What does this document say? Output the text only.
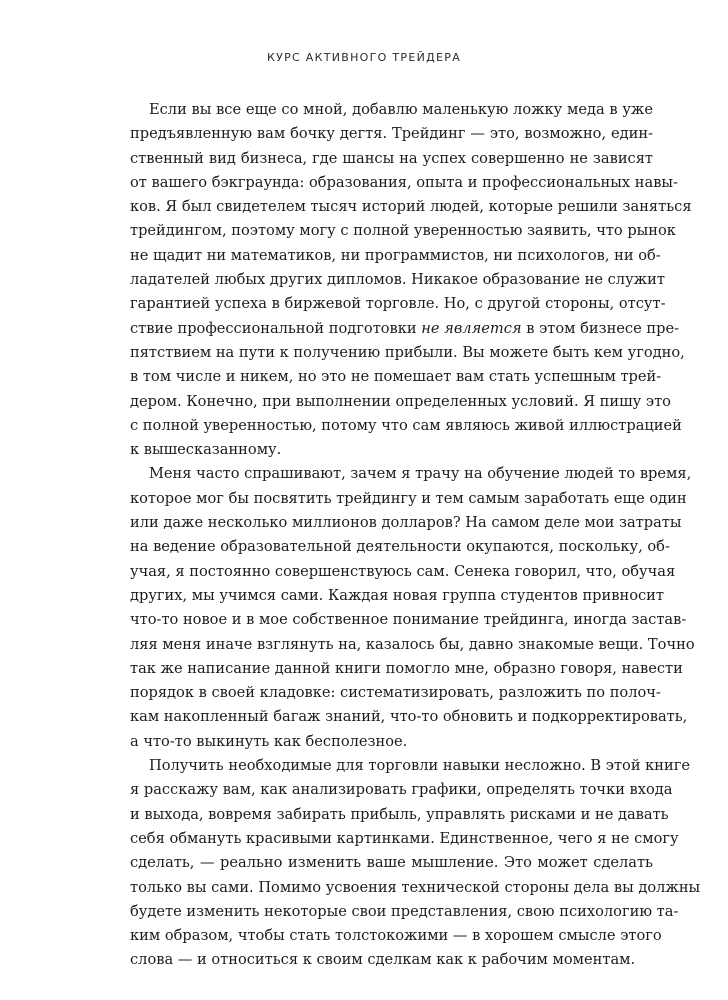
КУРС АКТИВНОГО ТРЕЙДЕРА
Если вы все еще со мной, добавлю маленькую ложку меда в уже
предъявленную вам бочку дегтя. Трейдинг — это, возможно, един-
ственный вид бизнеса, где шансы на успех совершенно не зависят
от вашего бэкграунда: образования, опыта и профессиональных навы-
ков. Я был свидетелем тысяч историй людей, которые решили заняться
трейдингом, поэтому могу с полной уверенностью заявить, что рынок
не щадит ни математиков, ни программистов, ни психологов, ни об-
ладателей любых других дипломов. Никакое образование не служит
гарантией успеха в биржевой торговле. Но, с другой стороны, отсут-
ствие профессиональной подготовки не является в этом бизнесе пре-
пятствием на пути к получению прибыли. Вы можете быть кем угодно,
в том числе и никем, но это не помешает вам стать успешным трей-
дером. Конечно, при выполнении определенных условий. Я пишу это
с полной уверенностью, потому что сам являюсь живой иллюстрацией
к вышесказанному.
Меня часто спрашивают, зачем я трачу на обучение людей то время,
которое мог бы посвятить трейдингу и тем самым заработать еще один
или даже несколько миллионов долларов? На самом деле мои затраты
на ведение образовательной деятельности окупаются, поскольку, об-
учая, я постоянно совершенствуюсь сам. Сенека говорил, что, обучая
других, мы учимся сами. Каждая новая группа студентов привносит
что-то новое и в мое собственное понимание трейдинга, иногда застав-
ляя меня иначе взглянуть на, казалось бы, давно знакомые вещи. Точно
так же написание данной книги помогло мне, образно говоря, навести
порядок в своей кладовке: систематизировать, разложить по полоч-
кам накопленный багаж знаний, что-то обновить и подкорректировать,
а что-то выкинуть как бесполезное.
Получить необходимые для торговли навыки несложно. В этой книге
я расскажу вам, как анализировать графики, определять точки входа
и выхода, вовремя забирать прибыль, управлять рисками и не давать
себя обмануть красивыми картинками. Единственное, чего я не смогу
сделать, — реально изменить ваше мышление. Это может сделать
только вы сами. Помимо усвоения технической стороны дела вы должны
будете изменить некоторые свои представления, свою психологию та-
ким образом, чтобы стать толстокожими — в хорошем смысле этого
слова — и относиться к своим сделкам как к рабочим моментам.
